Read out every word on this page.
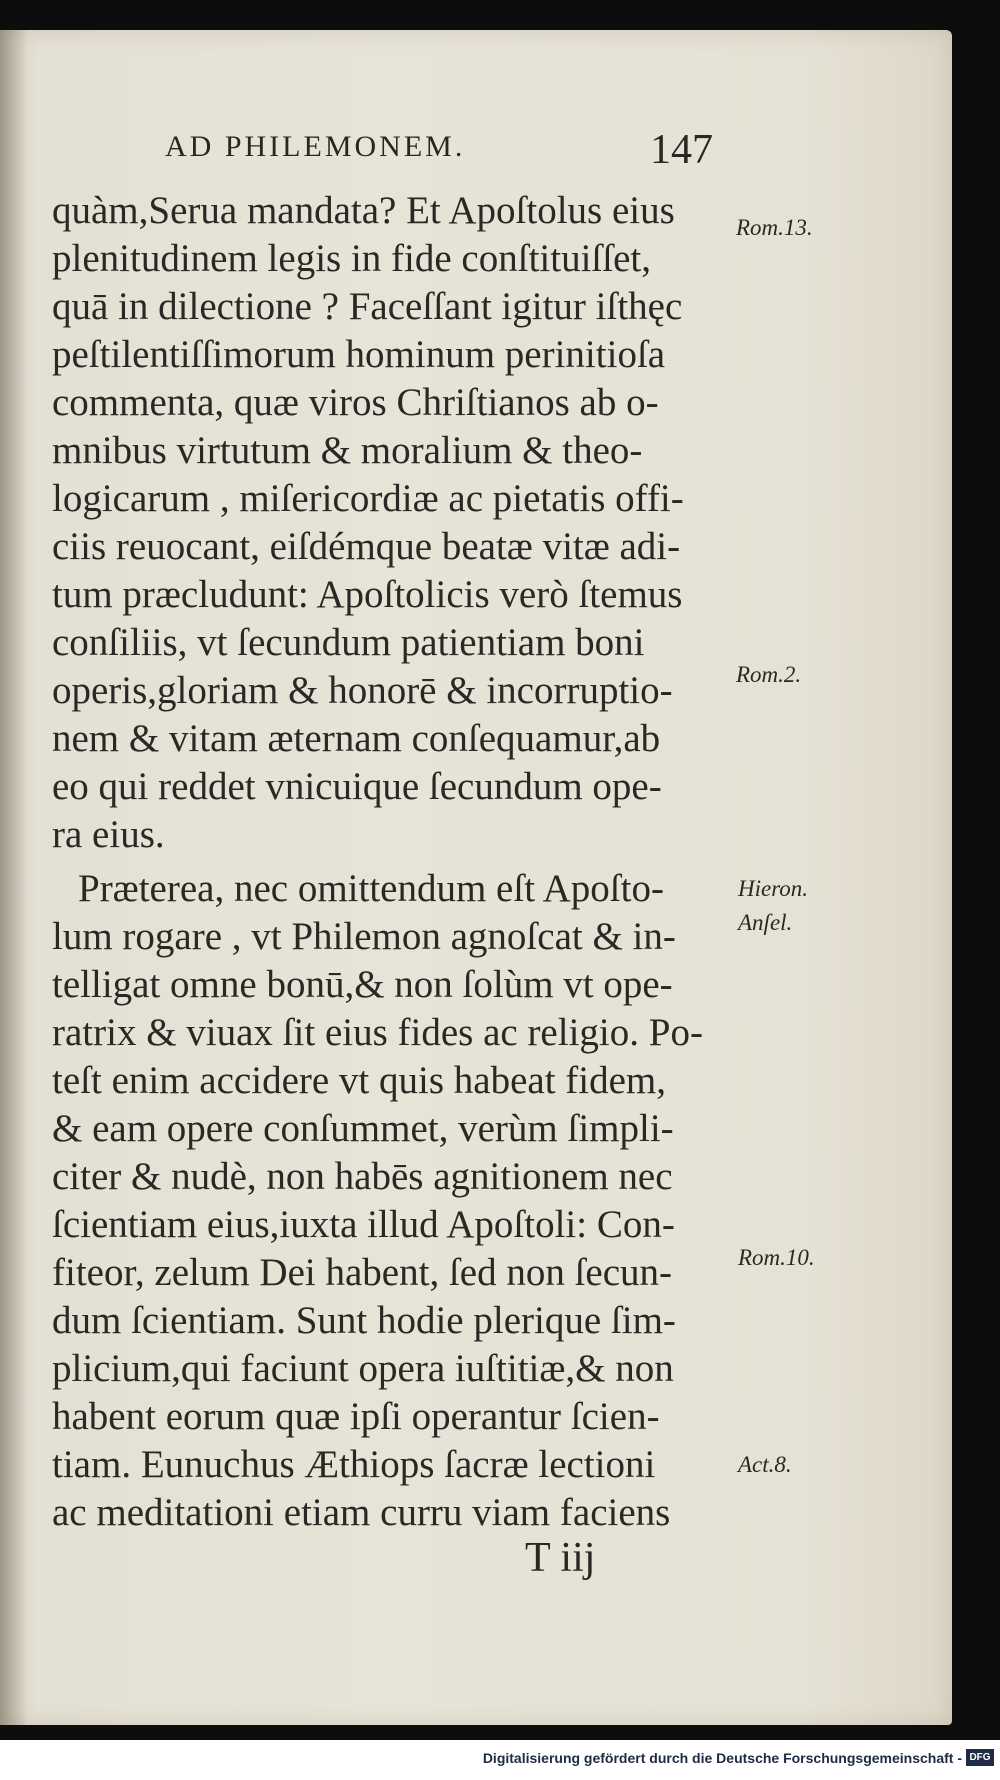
AD PHILEMONEM.	147
quàm,Serua mandata? Et Apoſtolus eius
plenitudinem legis in fide conſtituiſſet,
quā in dilectione ? Faceſſant igitur iſthęc
peſtilentiſſimorum hominum perinitioſa
commenta, quæ viros Chriſtianos ab o-
mnibus virtutum & moralium & theo-
logicarum , miſericordiæ ac pietatis offi-
ciis reuocant, eiſdémque beatæ vitæ adi-
tum præcludunt: Apoſtolicis verò ſtemus
conſiliis, vt ſecundum patientiam boni
operis,gloriam & honorē & incorruptio-
nem & vitam æternam conſequamur,ab
eo qui reddet vnicuique ſecundum ope-
ra eius.
Præterea, nec omittendum eſt Apoſto-
lum rogare , vt Philemon agnoſcat & in-
telligat omne bonū,& non ſolùm vt ope-
ratrix & viuax ſit eius fides ac religio. Po-
teſt enim accidere vt quis habeat fidem,
& eam opere conſummet, verùm ſimpli-
citer & nudè, non habēs agnitionem nec
ſcientiam eius,iuxta illud Apoſtoli: Con-
fiteor, zelum Dei habent, ſed non ſecun-
dum ſcientiam. Sunt hodie plerique ſim-
plicium,qui faciunt opera iuſtitiæ,& non
habent eorum quæ ipſi operantur ſcien-
tiam. Eunuchus Æthiops ſacræ lectioni
ac meditationi etiam curru viam faciens
Rom.13.
Rom.2.
Hieron.
Anſel.
Rom.10.
Act.8.
T iij
Digitalisierung gefördert durch die Deutsche Forschungsgemeinschaft - DFG
